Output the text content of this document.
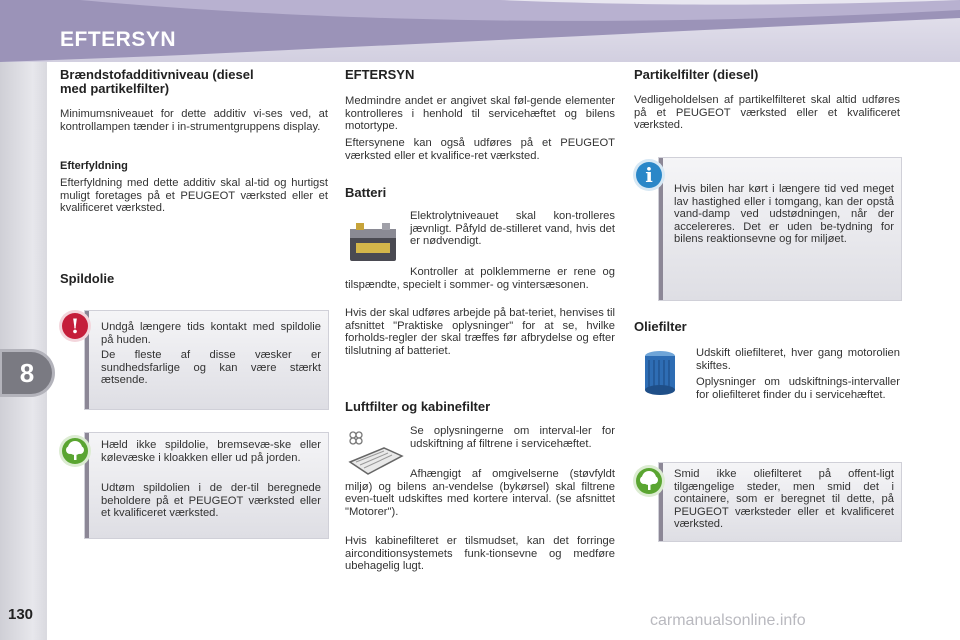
EFTERSYN
8
130
Brændstofadditivniveau (diesel med partikelfilter)

Minimumsniveauet for dette additiv vi-ses ved, at kontrollampen tænder i in-strumentgruppens display.

Efterfyldning

Efterfyldning med dette additiv skal al-tid og hurtigst muligt foretages på et PEUGEOT værksted eller et kvalificeret værksted.

Spildolie

Undgå længere tids kontakt med spildolie på huden.

De fleste af disse væsker er sundhedsfarlige og kan være stærkt ætsende.

!

Hæld ikke spildolie, bremsevæ-ske eller kølevæske i kloakken eller ud på jorden.

Udtøm spildolien i de der-til beregnede beholdere på et PEUGEOT værksted eller et kvalificeret værksted.

EFTERSYN

Medmindre andet er angivet skal føl-gende elementer kontrolleres i henhold til servicehæftet og bilens motortype.

Eftersynene kan også udføres på et PEUGEOT værksted eller et kvalifice-ret værksted.

Batteri

Elektrolytniveauet skal kon-trolleres jævnligt. Påfyld de-stilleret vand, hvis det er nødvendigt.

Kontroller at polklemmerne er rene og tilspændte, specielt i sommer- og vintersæsonen.

Hvis der skal udføres arbejde på bat-teriet, henvises til afsnittet "Praktiske oplysninger" for at se, hvilke forholds-regler der skal træffes før afbrydelse og efter tilslutning af batteriet.

Luftfilter og kabinefilter

Se oplysningerne om interval-ler for udskiftning af filtrene i servicehæftet.

Afhængigt af omgivelserne (støvfyldt miljø) og bilens an-vendelse (bykørsel) skal filtrene even-tuelt udskiftes med kortere interval. (se afsnittet "Motorer").

Hvis kabinefilteret er tilsmudset, kan det forringe airconditionsystemets funk-tionsevne og medføre ubehagelig lugt.

Partikelfilter (diesel)

Vedligeholdelsen af partikelfilteret skal altid udføres på et PEUGEOT værksted eller et kvalificeret værksted.

Hvis bilen har kørt i længere tid ved meget lav hastighed eller i tomgang, kan der opstå vand-damp ved udstødningen, når der accelereres. Det er uden be-tydning for bilens reaktionsevne og for miljøet.

i
Oliefilter

Udskift oliefilteret, hver gang motorolien skiftes.

Oplysninger om udskiftnings-intervaller for oliefilteret finder du i servicehæftet.

Smid ikke oliefilteret på offent-ligt tilgængelige steder, men smid det i containere, som er beregnet til dette, på PEUGEOT værksteder eller et kvalificeret værksted.

carmanualsonline.info
